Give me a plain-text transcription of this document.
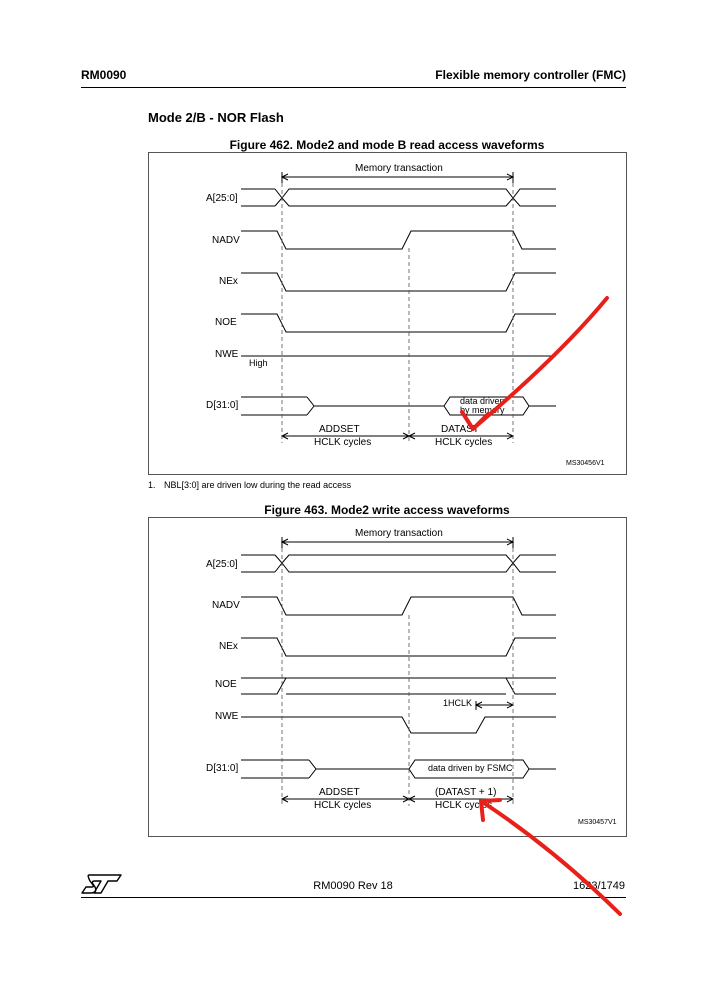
RM0090	Flexible memory controller (FMC)
Mode 2/B - NOR Flash
Figure 462. Mode2 and mode B read access waveforms
Memory transaction
A[25:0]
NADV
NEx
NOE
NWE
High
D[31:0]	data driven
by memory
ADDSET
HCLK cycles
DATAST
HCLK cycles
MS30456V1
1. NBL[3:0] are driven low during the read access
Figure 463. Mode2 write access waveforms
Memory transaction
A[25:0]
NADV
NEx
NOE
NWE
D[31:0]
1HCLK
data driven by FSMC
ADDSET
HCLK cycles
(DATAST + 1)
HCLK cycles
MS30457V1
RM0090 Rev 18	1623/1749
